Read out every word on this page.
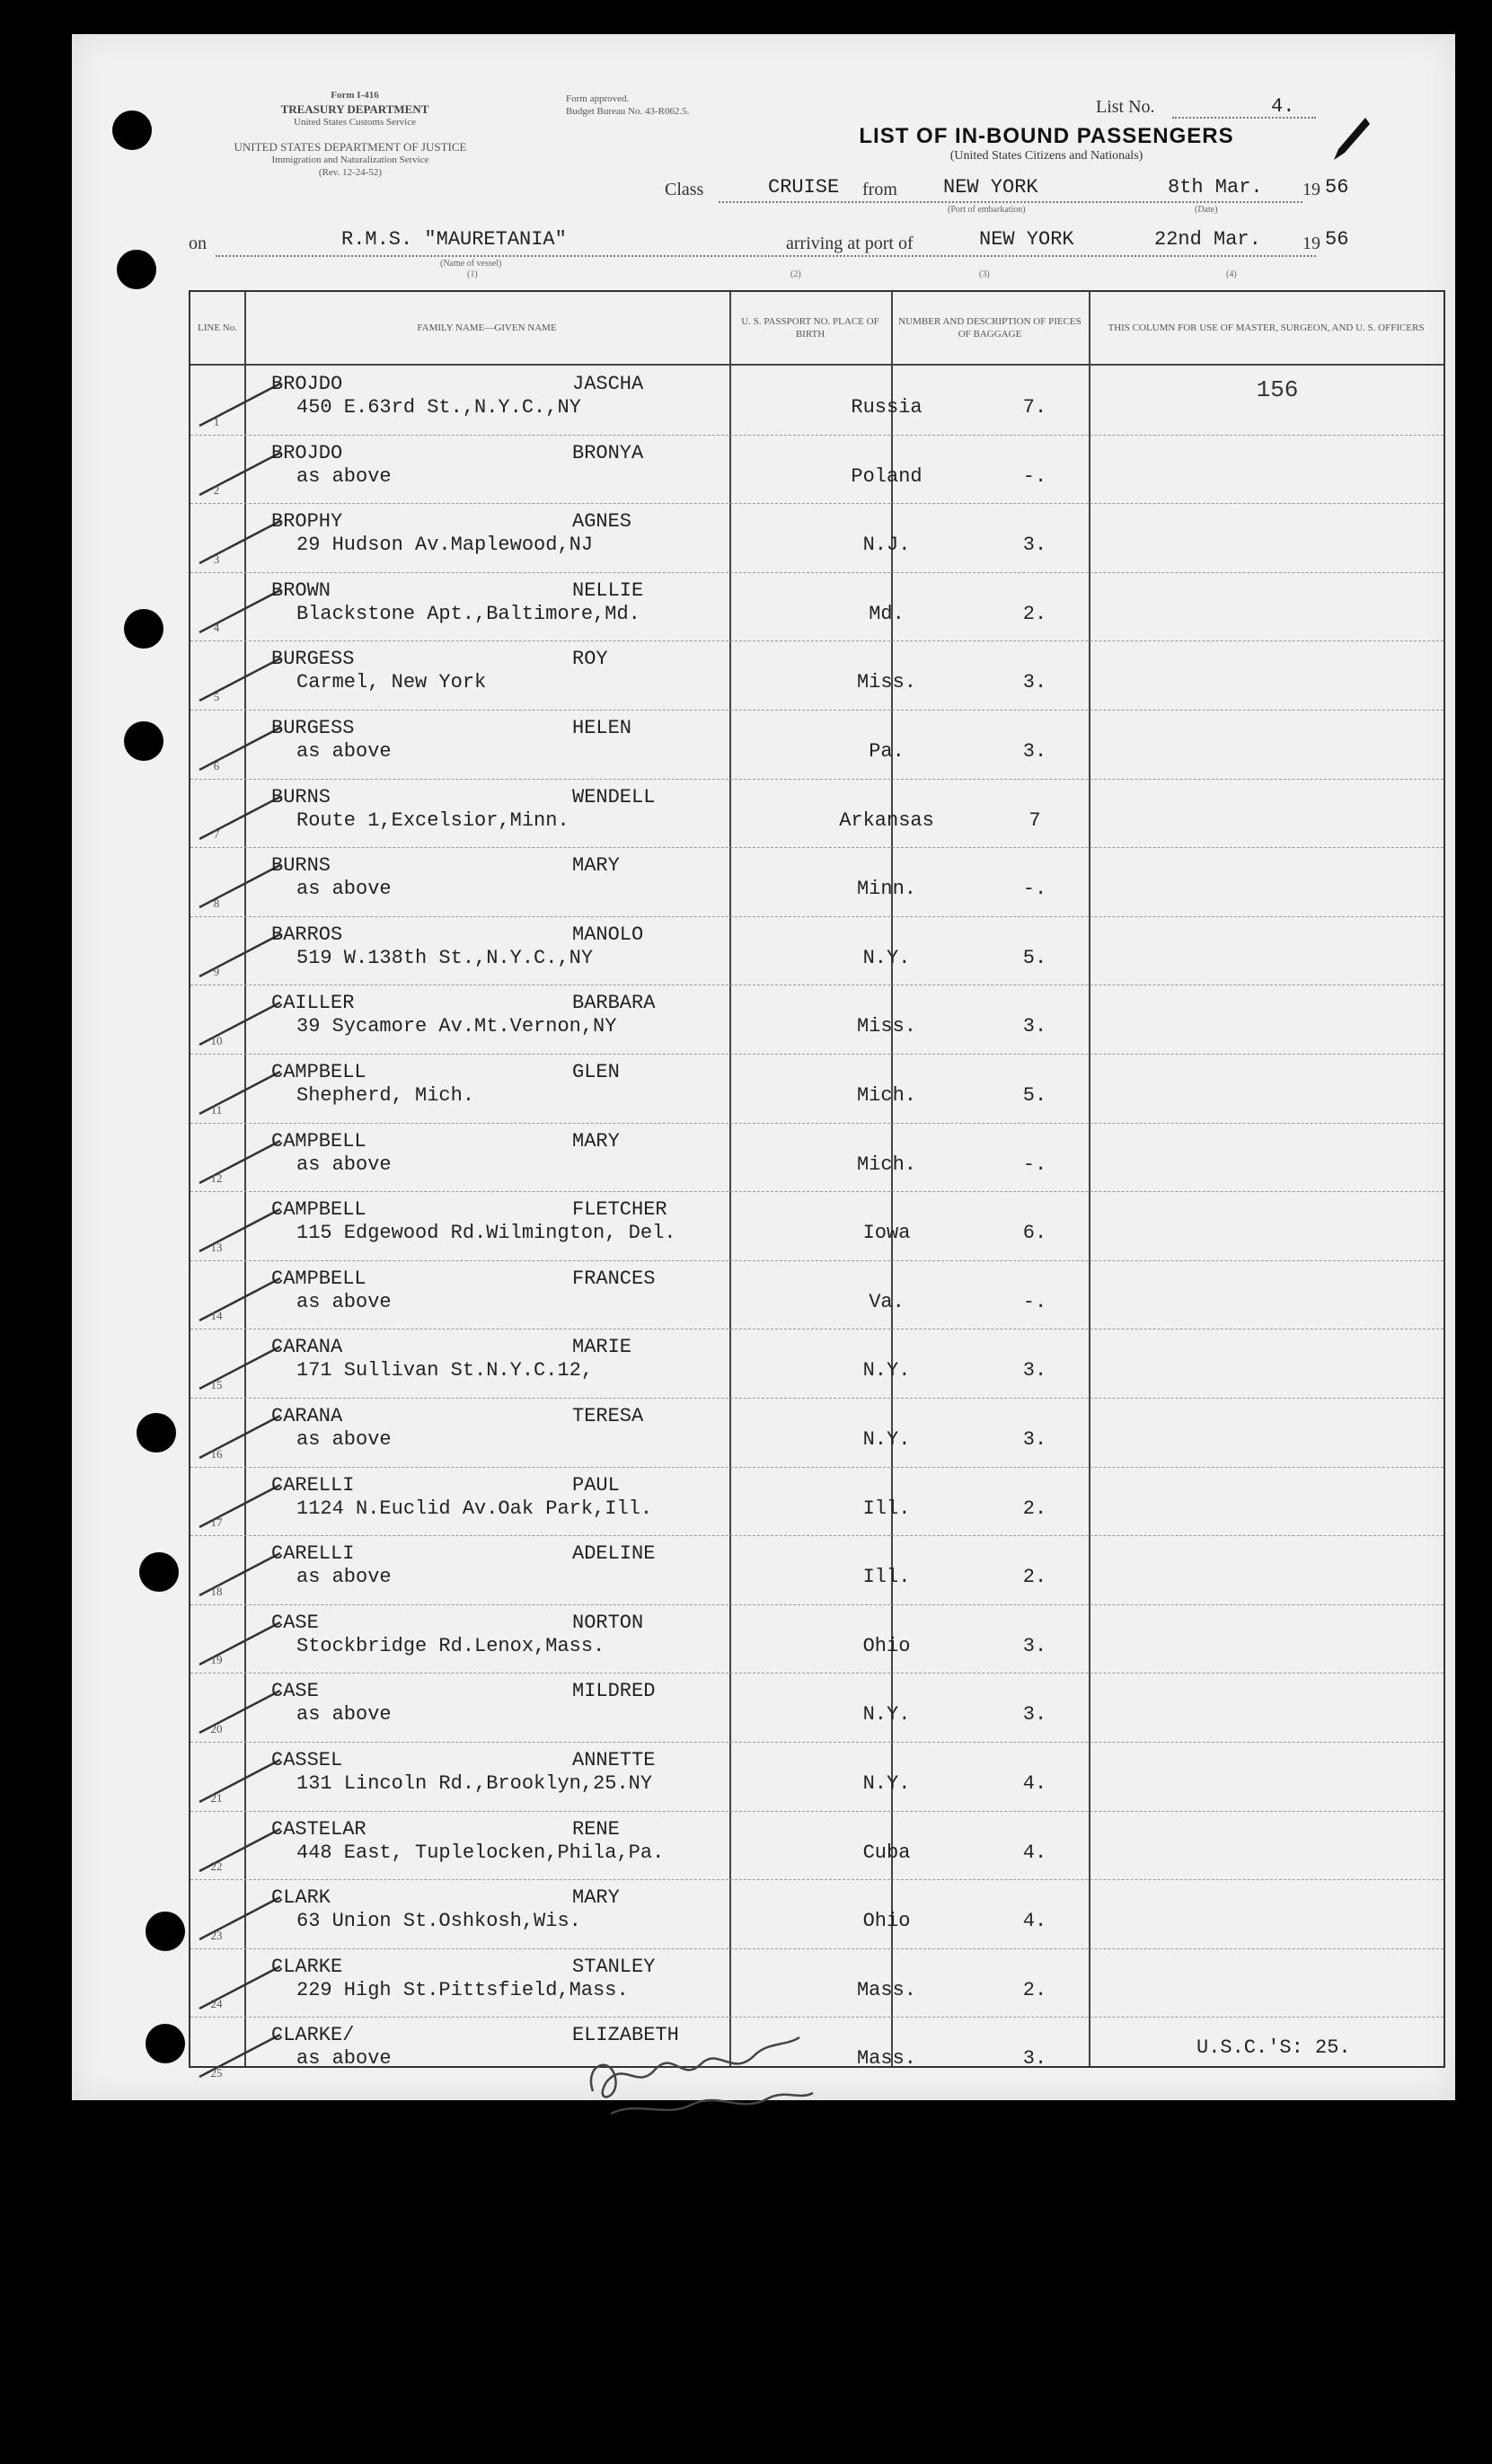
Form I-416
TREASURY DEPARTMENT
United States Customs Service
UNITED STATES DEPARTMENT OF JUSTICE
Immigration and Naturalization Service
(Rev. 12-24-52)
Form approved.
Budget Bureau No. 43-R062.5.	List No.	4.
LIST OF IN-BOUND PASSENGERS
(United States Citizens and Nationals)
Class	CRUISE from NEW YORK
(Port of embarkation)
8th Mar.
(Date)
19 56
on	R.M.S. "MAURETANIA"
(Name of vessel)
(1)
arriving at port of
(2)
NEW YORK
(3)
22nd Mar.
(4)
19 56
LINE No.	FAMILY NAME—GIVEN NAME
U. S. PASSPORT NO. PLACE OF BIRTH
NUMBER AND DESCRIPTION OF PIECES OF BAGGAGE
THIS COLUMN FOR USE OF MASTER, SURGEON, AND U. S. OFFICERS
1
BROJDO	JASCHA
450 E.63rd St.,N.Y.C.,NY	Russia	7.
156
2
BROJDO	BRONYA
as above	Poland	-.
3
BROPHY	AGNES
29 Hudson Av.Maplewood,NJ	N.J.	3.
4
BROWN	NELLIE
Blackstone Apt.,Baltimore,Md.	Md.	2.
5
BURGESS	ROY
Carmel, New York	Miss.	3.
6
BURGESS	HELEN
as above	Pa.	3.
7
BURNS	WENDELL
Route 1,Excelsior,Minn.	Arkansas	7
8
BURNS	MARY
as above	Minn.	-.
9
BARROS	MANOLO
519 W.138th St.,N.Y.C.,NY	N.Y.	5.
10
CAILLER	BARBARA
39 Sycamore Av.Mt.Vernon,NY	Miss.	3.
11
CAMPBELL	GLEN
Shepherd, Mich.	Mich.	5.
12
CAMPBELL	MARY
as above	Mich.	-.
13
CAMPBELL	FLETCHER
115 Edgewood Rd.Wilmington, Del.	Iowa	6.
14
CAMPBELL	FRANCES
as above	Va.	-.
15
CARANA	MARIE
171 Sullivan St.N.Y.C.12,	N.Y.	3.
16
CARANA	TERESA
as above	N.Y.	3.
17
CARELLI	PAUL
1124 N.Euclid Av.Oak Park,Ill.	Ill.	2.
18
CARELLI	ADELINE
as above	Ill.	2.
19
CASE	NORTON
Stockbridge Rd.Lenox,Mass.	Ohio	3.
20
CASE	MILDRED
as above	N.Y.	3.
21
CASSEL	ANNETTE
131 Lincoln Rd.,Brooklyn,25.NY	N.Y.	4.
22
CASTELAR	RENE
448 East, Tuplelocken,Phila,Pa.	Cuba	4.
23
CLARK	MARY
63 Union St.Oshkosh,Wis.	Ohio	4.
24
CLARKE	STANLEY
229 High St.Pittsfield,Mass.	Mass.	2.
25
CLARKE/	ELIZABETH
as above	Mass.	3.	U.S.C.'S: 25.
